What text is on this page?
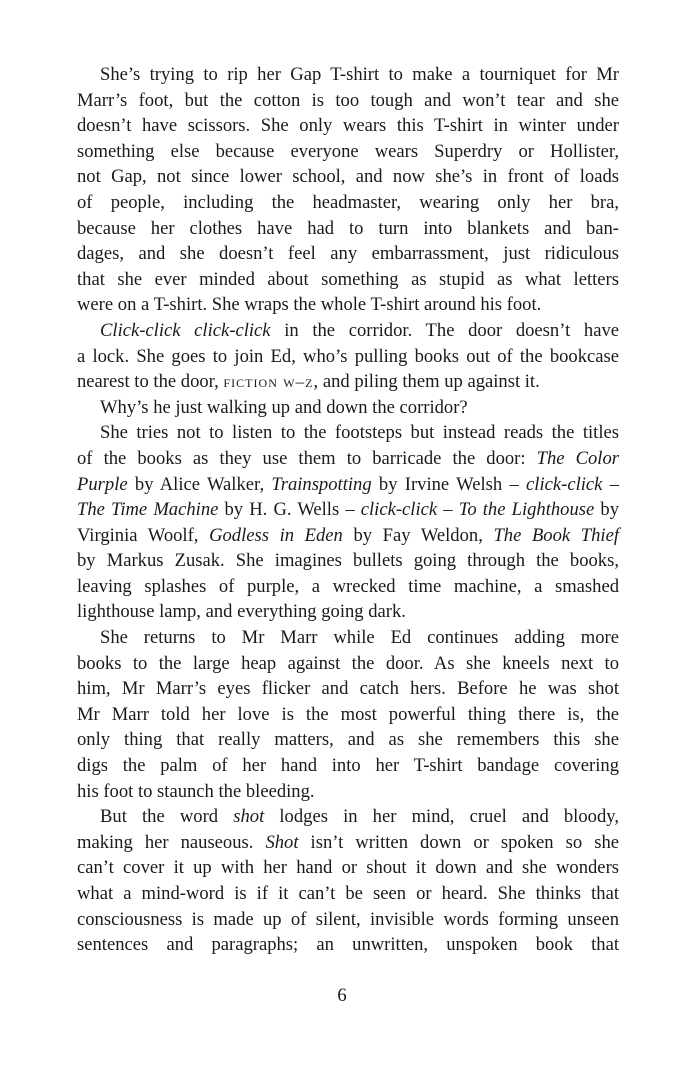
She’s trying to rip her Gap T-shirt to make a tourniquet for Mr
Marr’s foot, but the cotton is too tough and won’t tear and she
doesn’t have scissors. She only wears this T-shirt in winter under
something else because everyone wears Superdry or Hollister,
not Gap, not since lower school, and now she’s in front of loads
of people, including the headmaster, wearing only her bra,
because her clothes have had to turn into blankets and ban-
dages, and she doesn’t feel any embarrassment, just ridiculous
that she ever minded about something as stupid as what letters
were on a T-shirt. She wraps the whole T-shirt around his foot.
Click-click click-click in the corridor. The door doesn’t have
a lock. She goes to join Ed, who’s pulling books out of the bookcase
nearest to the door, fiction w–z, and piling them up against it.
Why’s he just walking up and down the corridor?
She tries not to listen to the footsteps but instead reads the titles
of the books as they use them to barricade the door: The Color
Purple by Alice Walker, Trainspotting by Irvine Welsh – click-click –
The Time Machine by H. G. Wells – click-click – To the Lighthouse by
Virginia Woolf, Godless in Eden by Fay Weldon, The Book Thief
by Markus Zusak. She imagines bullets going through the books,
leaving splashes of purple, a wrecked time machine, a smashed
lighthouse lamp, and everything going dark.
She returns to Mr Marr while Ed continues adding more
books to the large heap against the door. As she kneels next to
him, Mr Marr’s eyes flicker and catch hers. Before he was shot
Mr Marr told her love is the most powerful thing there is, the
only thing that really matters, and as she remembers this she
digs the palm of her hand into her T-shirt bandage covering
his foot to staunch the bleeding.
But the word shot lodges in her mind, cruel and bloody,
making her nauseous. Shot isn’t written down or spoken so she
can’t cover it up with her hand or shout it down and she wonders
what a mind-word is if it can’t be seen or heard. She thinks that
consciousness is made up of silent, invisible words forming unseen
sentences and paragraphs; an unwritten, unspoken book that
6
